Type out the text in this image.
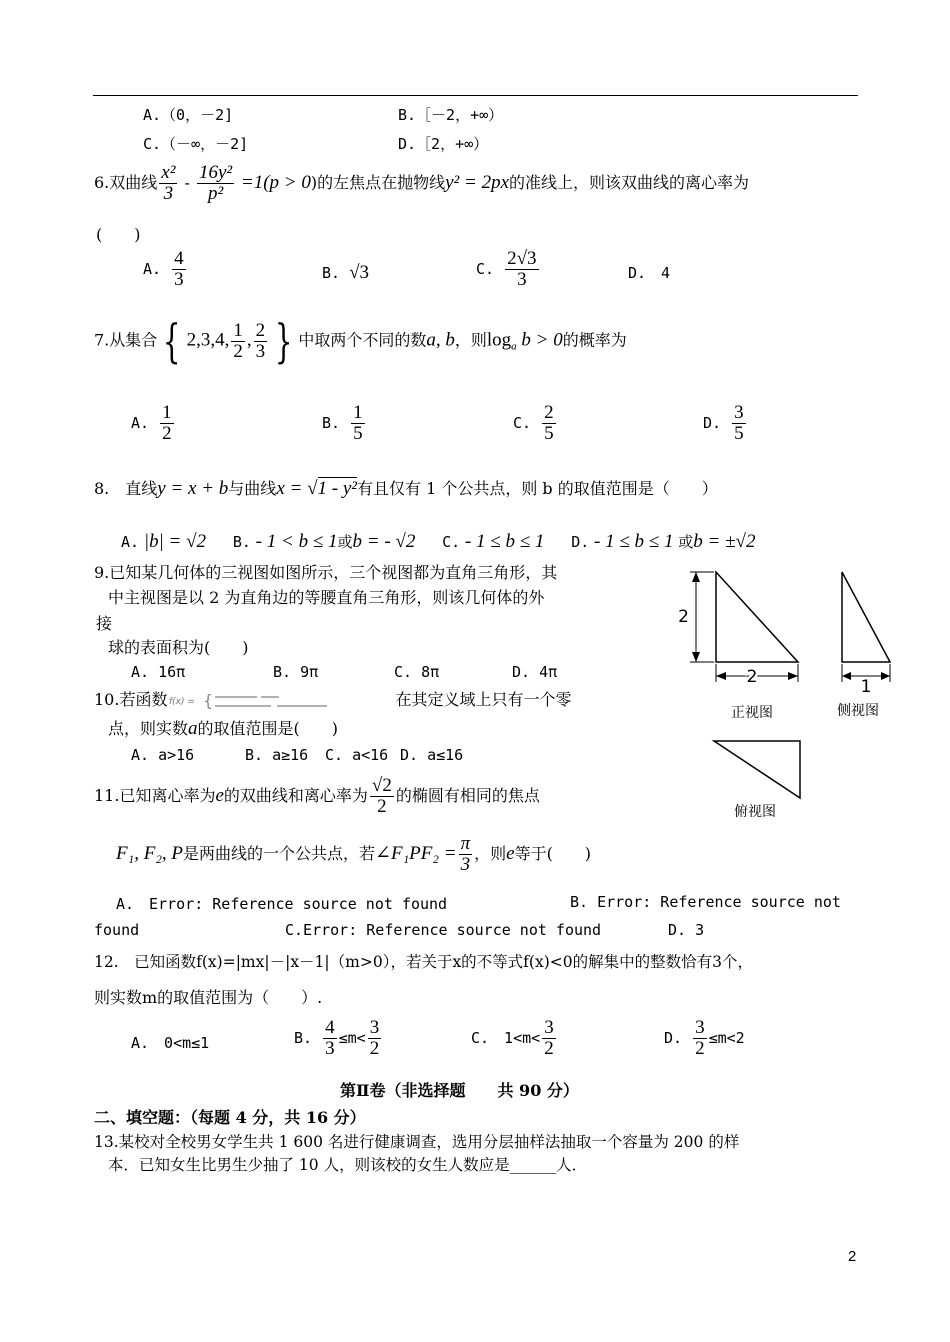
A.（0，－2]	B.［－2，+∞）
C.（－∞，－2]	D.［2，+∞）
6.双曲线 $\frac{\text{x²}}{3} - \frac{\text{16y²}}{\text{p²}} =1(p > 0)$的左焦点在抛物线y² = 2px的准线上，则该双曲线的离心率为
(　　)
A. $\frac{4}{3}$	B. √3	C. $\frac{2√3}{3}$	D.　4
7.从集合 { 2,3,4, $\frac{1}{2}$ , $\frac{2}{3}$ } 中取两个不同的数a, b，则$\log_a b > 0$的概率为
A. $\frac{1}{2}$	B. $\frac{1}{5}$	C. $\frac{2}{5}$	D. $\frac{3}{5}$
8.　直线y = x + b与曲线x = √1 - y²有且仅有 1 个公共点，则 b 的取值范围是（　　）
A. |b| = √2 B. - 1 < b ≤ 1或b = - √2 C. - 1 ≤ b ≤ 1 D. - 1 ≤ b ≤ 1 或b = ±√2
9.已知某几何体的三视图如图所示，三个视图都为直角三角形，其
中主视图是以 2 为直角边的等腰直角三角形，则该几何体的外
接
球的表面积为(　　)
A. 16π	B. 9π	C. 8π	D. 4π
2
2
正视图
1
侧视图
俯视图
10.若函数 f(x) = {	在其定义域上只有一个零
点，则实数a的取值范围是(　　)
A. a>16	B. a≥16 C. a<16 D. a≤16
11.已知离心率为e的双曲线和离心率为 $\frac{√2}{2}$ 的椭圆有相同的焦点
F₁, F₂, P是两曲线的一个公共点，若∠F₁PF₂ = $\frac{\pi}{3}$ ，则e等于(　　)
A.　Error: Reference source not found	B. Error: Reference source not
found	C.Error: Reference source not found	D. 3
12.　已知函数f(x)=|mx|－|x－1|（m>0），若关于x的不等式f(x)<0的解集中的整数恰有3个，
则实数m的取值范围为（　　）.
A.　0<m≤1	B. $\frac{4}{3} \le m< \frac{3}{2}$	C.　$1<m< \frac{3}{2}$	D. $\frac{3}{2} \le m<2$
第Ⅱ卷（非选择题　　共 90 分）
二、填空题：（每题 4 分，共 16 分）
13.某校对全校男女学生共 1 600 名进行健康调查，选用分层抽样法抽取一个容量为 200 的样
本．已知女生比男生少抽了 10 人，则该校的女生人数应是______人．
2
